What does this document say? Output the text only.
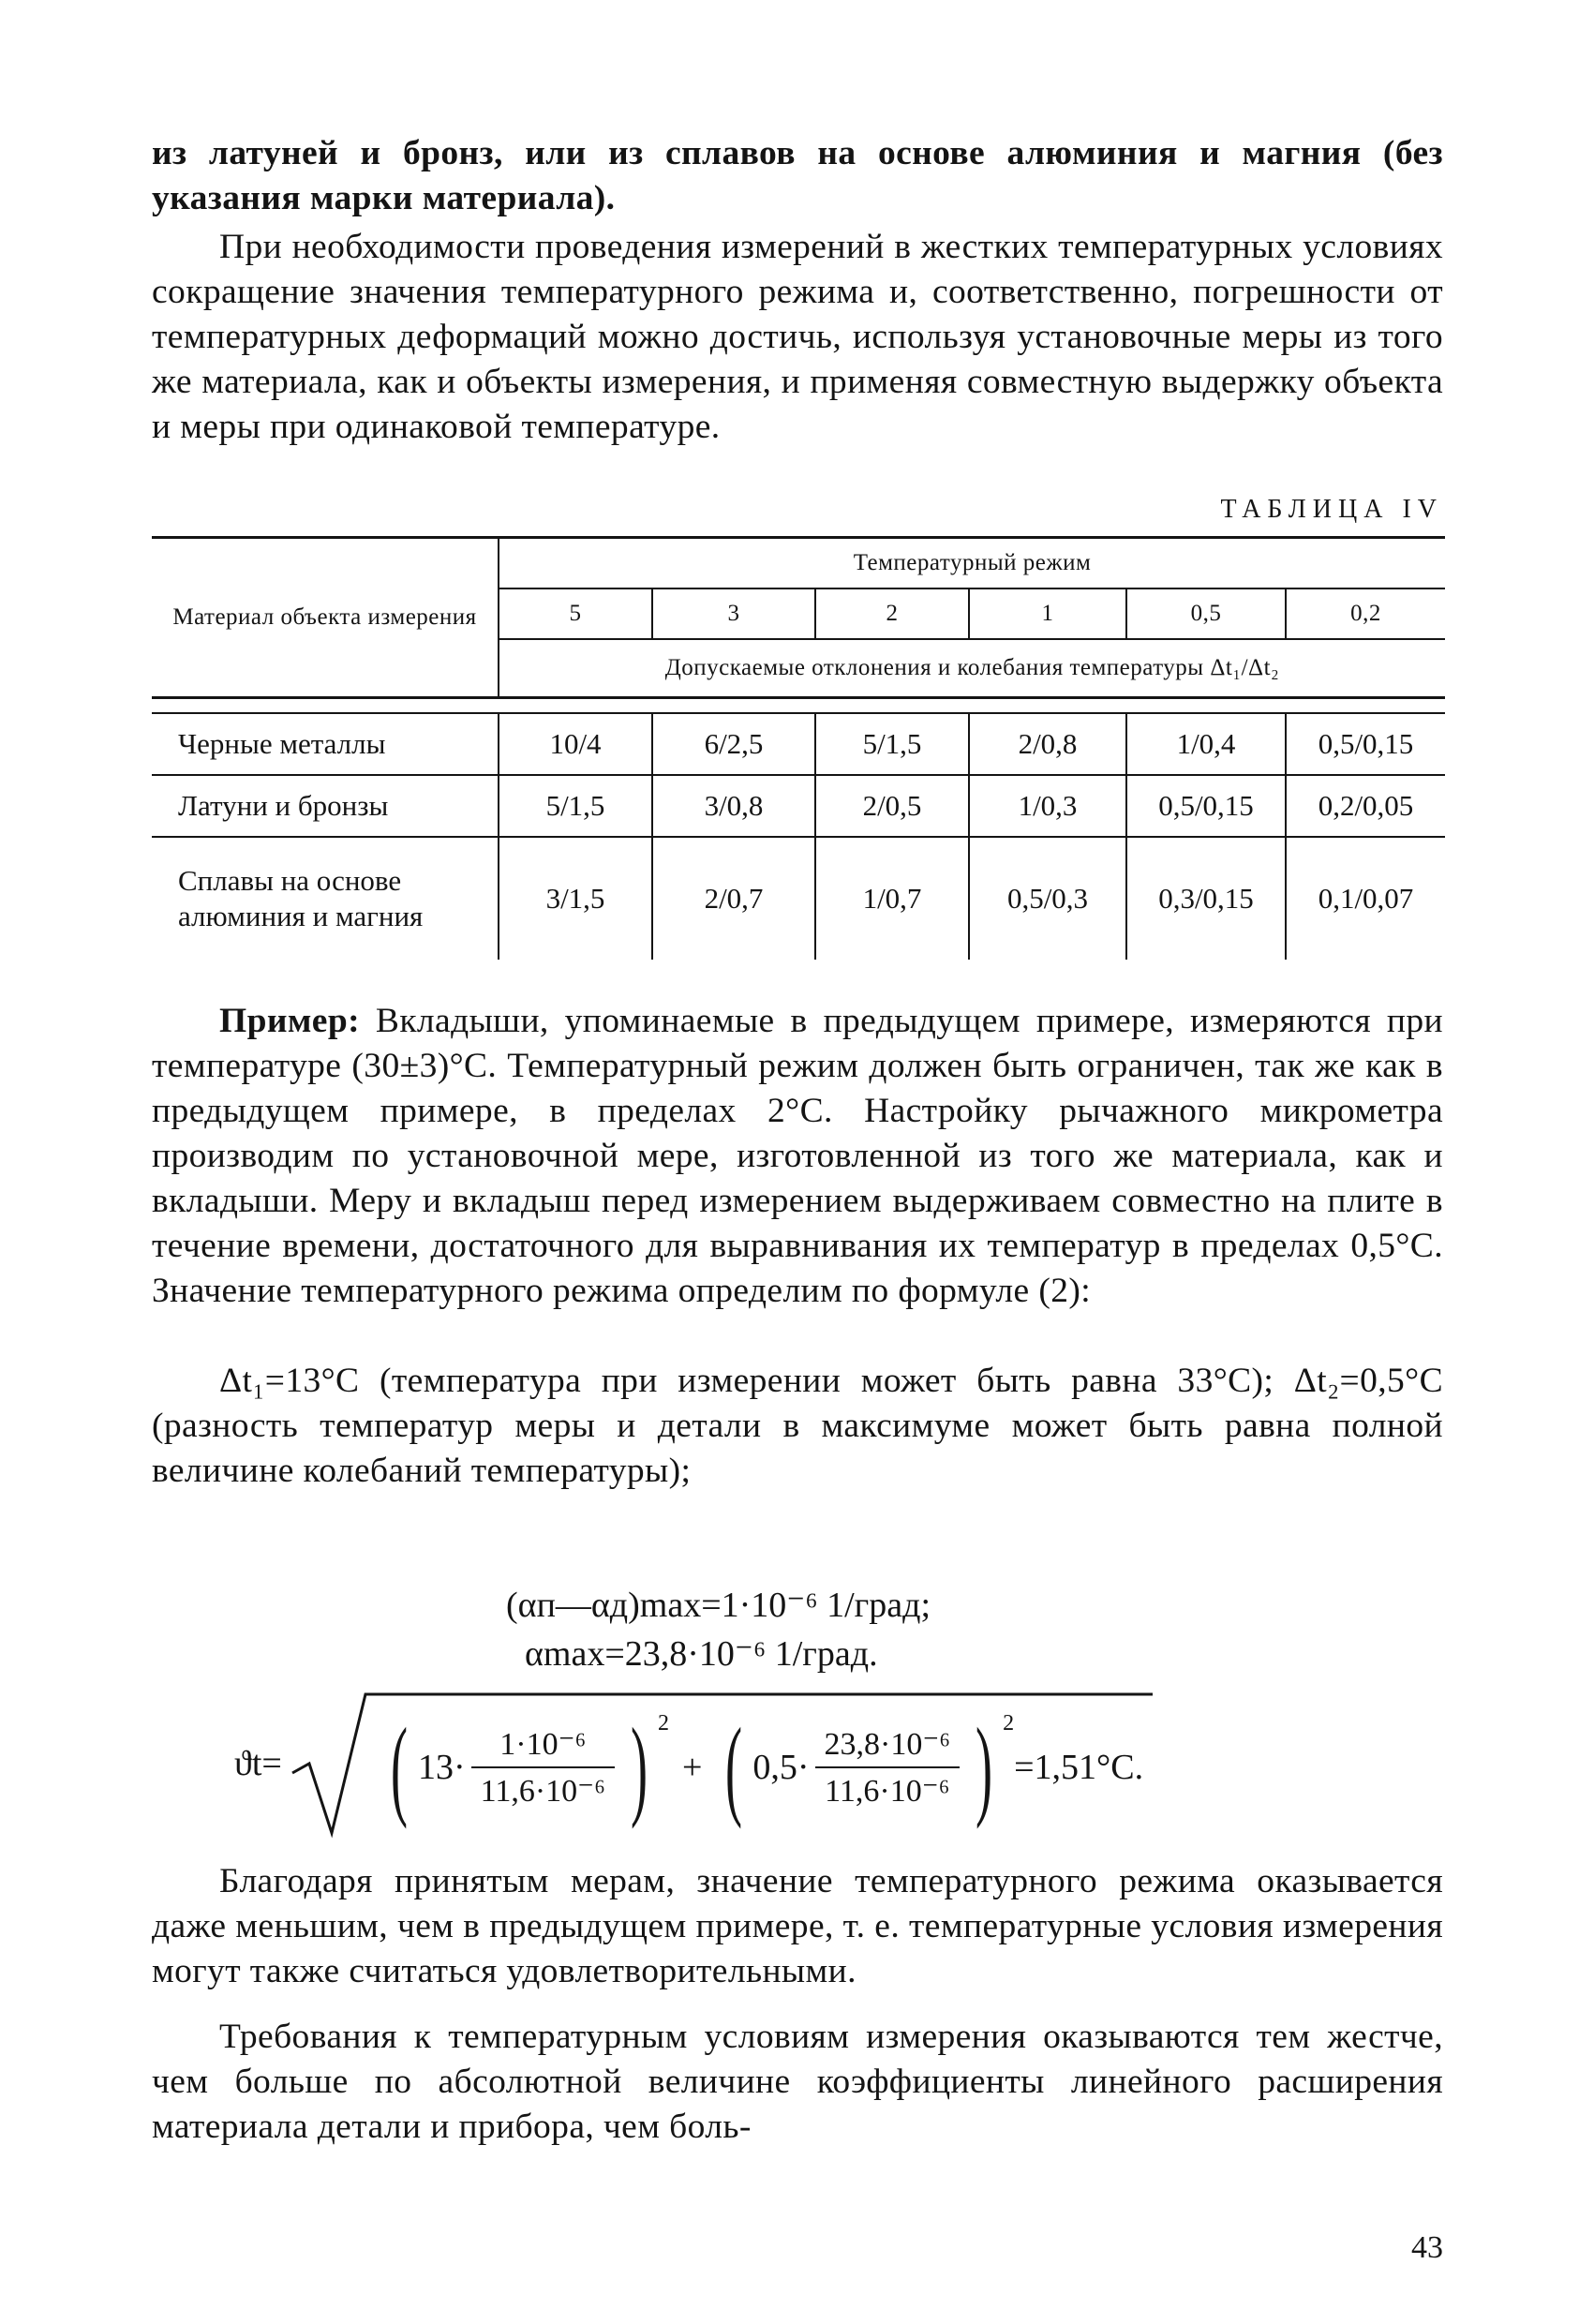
из латуней и бронз, или из сплавов на основе алюминия и магния (без указания марки материала).

При необходимости проведения измерений в жестких температурных условиях сокращение значения температурного режима и, соответственно, погрешности от температурных деформаций можно достичь, используя установочные меры из того же материала, как и объекты измерения, и применяя совместную выдержку объекта и меры при одинаковой температуре.

ТАБЛИЦА IV
Материал объекта измерения	Температурный режим					
	5	3	2	1	0,5	0,2
	Допускаемые отклонения и колебания температуры Δt₁/Δt₂					

Черные металлы	10/4	6/2,5	5/1,5	2/0,8	1/0,4	0,5/0,15
Латуни и бронзы	5/1,5	3/0,8	2/0,5	1/0,3	0,5/0,15	0,2/0,05

Сплавы на основе алюминия и магния	3/1,5	2/0,7	1/0,7	0,5/0,3	0,3/0,15	0,1/0,07

Пример: Вкладыши, упоминаемые в предыдущем примере, измеряются при температуре (30±3)°С. Температурный режим должен быть ограничен, так же как в предыдущем примере, в пределах 2°С. Настройку рычажного микрометра производим по установочной мере, изготовленной из того же материала, как и вкладыши. Меру и вкладыш перед измерением выдерживаем совместно на плите в течение времени, достаточного для выравнивания их температур в пределах 0,5°С. Значение температурного режима определим по формуле (2):

Δt₁=13°С (температура при измерении может быть равна 33°С); Δt₂=0,5°С (разность температур меры и детали в максимуме может быть равна полной величине колебаний температуры);

(αп—αд)max=1·10⁻⁶ 1/град;
αmax=23,8·10⁻⁶ 1/град.
ϑt= ( $13\cdot \frac{\text{1·10⁻⁶}}{\text{11,6·10⁻⁶}}$ ) $^2$
+ ( $0,5\cdot \frac{\text{23,8·10⁻⁶}}{\text{11,6·10⁻⁶}}$ ) $^2$
=1,51°С.

Благодаря принятым мерам, значение температурного режима оказывается даже меньшим, чем в предыдущем примере, т. е. температурные условия измерения могут также считаться удовлетворительными.

Требования к температурным условиям измерения оказываются тем жестче, чем больше по абсолютной величине коэффициенты линейного расширения материала детали и прибора, чем боль-

43
